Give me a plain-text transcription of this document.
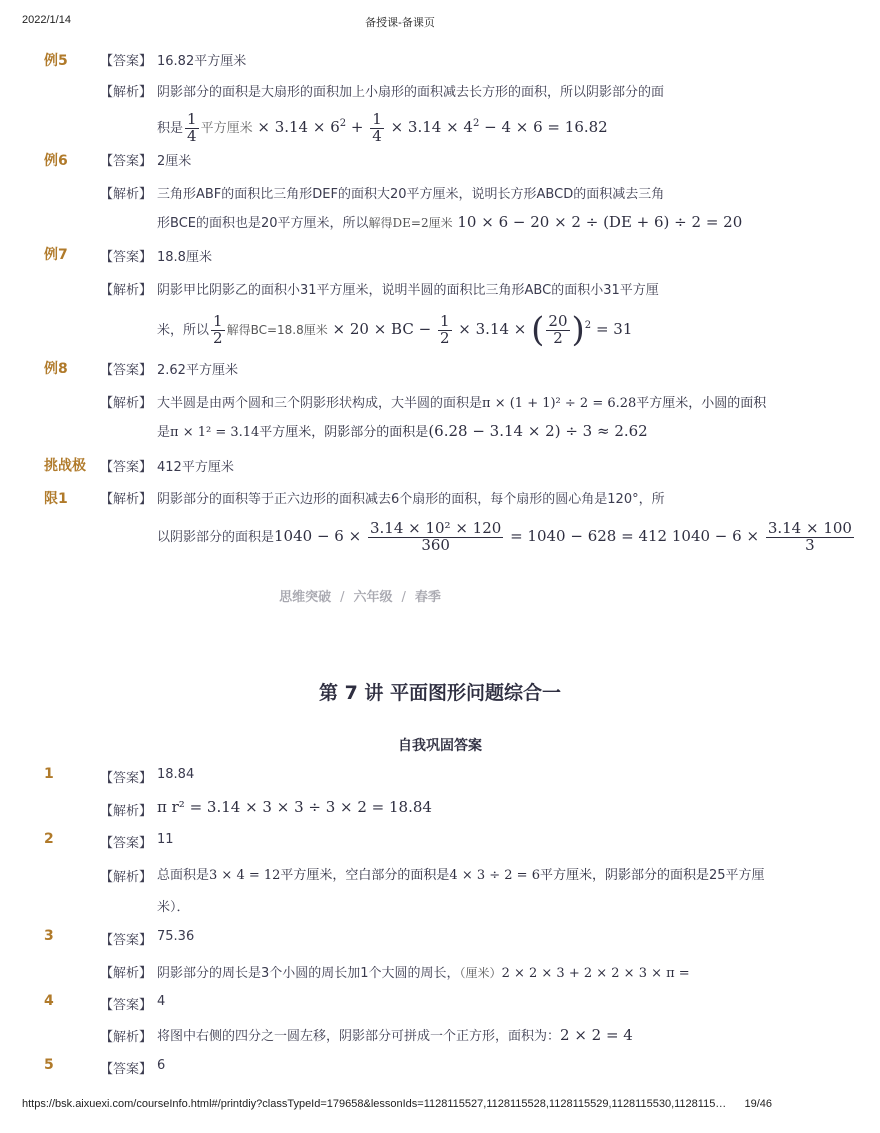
2022/1/14	备授课-备课页
例5 【答案】 16.82平方厘米
【解析】 阴影部分的面积是大扇形的面积加上小扇形的面积减去长方形的面积，所以阴影部分的面
积是 $\frac{1}{4}$ 平方厘米 × $3.14 \times 6^2 + \frac{1}{4} \times 3.14 \times 4^2 - 4 \times 6 = 16.82$
例6 【答案】 2厘米
【解析】 三角形ABF的面积比三角形DEF的面积大20平方厘米，说明长方形ABCD的面积减去三角
形BCE的面积也是20平方厘米，所以解得DE=2厘米 10 × 6 − 20 × 2 ÷ (DE + 6) ÷ 2 = 20
例7 【答案】 18.8厘米
【解析】 阴影甲比阴影乙的面积小31平方厘米，说明半圆的面积比三角形ABC的面积小31平方厘
米，所以 $\frac{1}{2}$ 解得BC=18.8厘米 × 20 × BC − $\frac{1}{2} \times 3.14$ × ( $\frac{20}{2} )^2 = 31$
例8 【答案】 2.62平方厘米
【解析】 大半圆是由两个圆和三个阴影形状构成，大半圆的面积是π × (1 + 1)² ÷ 2 = 6.28平方厘米，小圆的面积
是π × 1² = 3.14平方厘米，阴影部分的面积是(6.28 − 3.14 × 2) ÷ 3 ≈ 2.62
挑战极
限1
【答案】 412平方厘米
【解析】 阴影部分的面积等于正六边形的面积减去6个扇形的面积，每个扇形的圆心角是120°，所
以阴影部分的面积是$1040 - 6 \times \frac{\text{3.14 × 10² × 120}}{360} = 1040 - 628 = 412$ $1040 - 6 \times \frac{3.14 \times 100}{3}$
思维突破 / 六年级 / 春季
第 7 讲 平面图形问题综合一
自我巩固答案
1	【答案】 18.84
【解析】 π r² = 3.14 × 3 × 3 ÷ 3 × 2 = 18.84
2	【答案】 11
【解析】 总面积是3 × 4 = 12平方厘米，空白部分的面积是4 × 3 ÷ 2 = 6平方厘米，阴影部分的面积是25平方厘
米）．
3	【答案】 75.36
【解析】 阴影部分的周长是3个小圆的周长加1个大圆的周长，（厘米）2 × 2 × 3 + 2 × 2 × 3 × π =
4	【答案】 4
【解析】 将图中右侧的四分之一圆左移，阴影部分可拼成一个正方形，面积为：2 × 2 = 4
5	【答案】 6
https://bsk.aixuexi.com/courseInfo.html#/printdiy?classTypeId=179658&lessonIds=1128115527,1128115528,1128115529,1128115530,1128115… 19/46
